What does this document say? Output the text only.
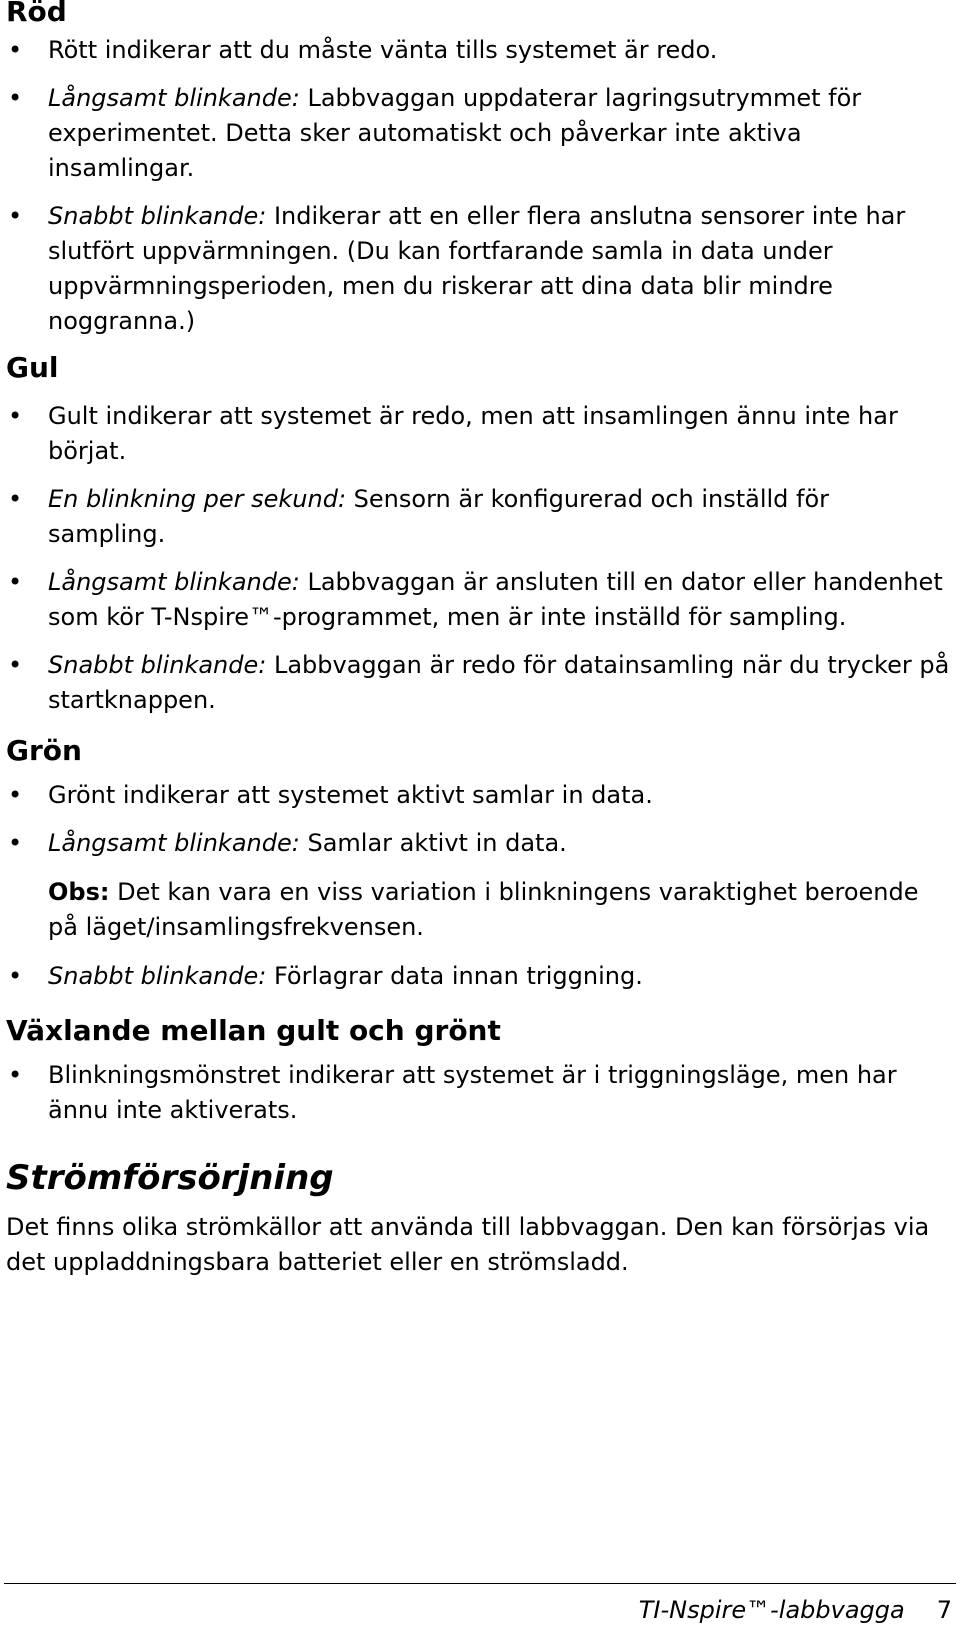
Röd
• Rött indikerar att du måste vänta tills systemet är redo.
• Långsamt blinkande: Labbvaggan uppdaterar lagringsutrymmet för experimentet. Detta sker automatiskt och påverkar inte aktiva insamlingar.
• Snabbt blinkande: Indikerar att en eller flera anslutna sensorer inte har slutfört uppvärmningen. (Du kan fortfarande samla in data under uppvärmningsperioden, men du riskerar att dina data blir mindre noggranna.)
Gul
• Gult indikerar att systemet är redo, men att insamlingen ännu inte har börjat.
• En blinkning per sekund: Sensorn är konfigurerad och inställd för sampling.
• Långsamt blinkande: Labbvaggan är ansluten till en dator eller handenhet som kör T-Nspire™-programmet, men är inte inställd för sampling.
• Snabbt blinkande: Labbvaggan är redo för datainsamling när du trycker på startknappen.
Grön
• Grönt indikerar att systemet aktivt samlar in data.
• Långsamt blinkande: Samlar aktivt in data.
Obs: Det kan vara en viss variation i blinkningens varaktighet beroende på läget/insamlingsfrekvensen.
• Snabbt blinkande: Förlagrar data innan triggning.
Växlande mellan gult och grönt
• Blinkningsmönstret indikerar att systemet är i triggningsläge, men har ännu inte aktiverats.
Strömförsörjning

Det finns olika strömkällor att använda till labbvaggan. Den kan försörjas via det uppladdningsbara batteriet eller en strömsladd.

TI-Nspire™-labbvagga 7
